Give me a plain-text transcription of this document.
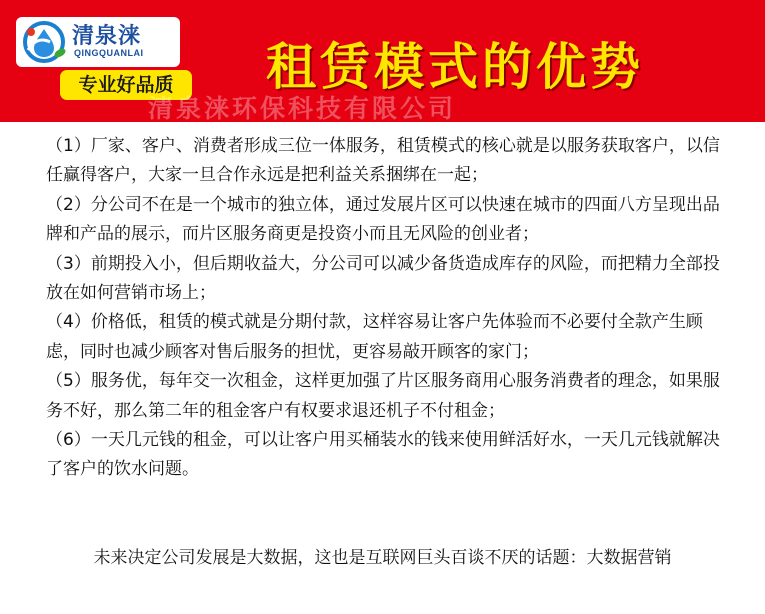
清泉涞
QINGQUANLAI
专业好品质	租赁模式的优势
清泉涞环保科技有限公司

（1）厂家、客户、消费者形成三位一体服务，租赁模式的核心就是以服务获取客户，以信任赢得客户，大家一旦合作永远是把利益关系捆绑在一起；

（2）分公司不在是一个城市的独立体，通过发展片区可以快速在城市的四面八方呈现出品牌和产品的展示，而片区服务商更是投资小而且无风险的创业者；

（3）前期投入小，但后期收益大，分公司可以减少备货造成库存的风险，而把精力全部投放在如何营销市场上；

（4）价格低，租赁的模式就是分期付款，这样容易让客户先体验而不必要付全款产生顾虑，同时也减少顾客对售后服务的担忧，更容易敲开顾客的家门；

（5）服务优，每年交一次租金，这样更加强了片区服务商用心服务消费者的理念，如果服务不好，那么第二年的租金客户有权要求退还机子不付租金；

（6）一天几元钱的租金，可以让客户用买桶装水的钱来使用鲜活好水，一天几元钱就解决了客户的饮水问题。

未来决定公司发展是大数据，这也是互联网巨头百谈不厌的话题：大数据营销
